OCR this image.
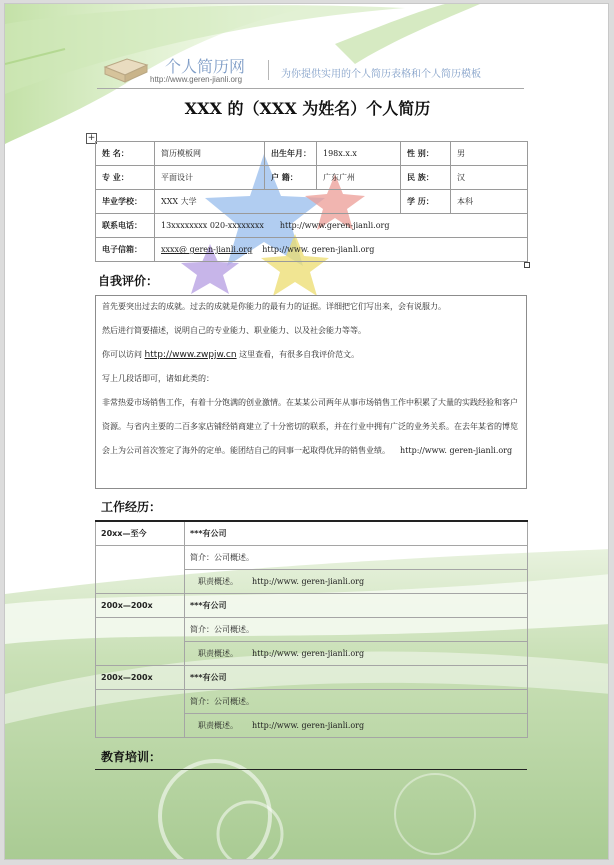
个人简历网
http://www.geren-jianli.org	为你提供实用的个人简历表格和个人简历模板
XXX 的（XXX 为姓名）个人简历
+
姓 名：	简历模板网	出生年月：	198x.x.x	性 别：	男
专 业：	平面设计	户 籍：	广东广州	民 族：	汉
毕业学校：	XXX 大学			学 历：	本科
联系电话：	13xxxxxxxx 020-xxxxxxxx http://www.geren-jianli.org				
电子信箱：	xxxx@ geren-jianli.org http://www. geren-jianli.org				
自我评价：

首先要突出过去的成就。过去的成就是你能力的最有力的证据。详细把它们写出来，会有说服力。

然后进行简要描述，说明自己的专业能力、职业能力、以及社会能力等等。

你可以访问 http://www.zwpjw.cn 这里查看，有很多自我评价范文。

写上几段话即可，诸如此类的：

非常热爱市场销售工作，有着十分饱满的创业激情。在某某公司两年从事市场销售工作中积累了大量的实践经验和客户资源。与省内主要的二百多家店铺经销商建立了十分密切的联系，并在行业中拥有广泛的业务关系。在去年某省的博览会上为公司首次签定了海外的定单。能团结自己的同事一起取得优异的销售业绩。 http://www. geren-jianli.org

工作经历：
20xx—至今	***有公司
	简介：公司概述。
	职责概述。 http://www. geren-jianli.org
200x—200x	***有公司
	简介：公司概述。
	职责概述。 http://www. geren-jianli.org
200x—200x	***有公司
	简介：公司概述。
	职责概述。 http://www. geren-jianli.org
教育培训：
